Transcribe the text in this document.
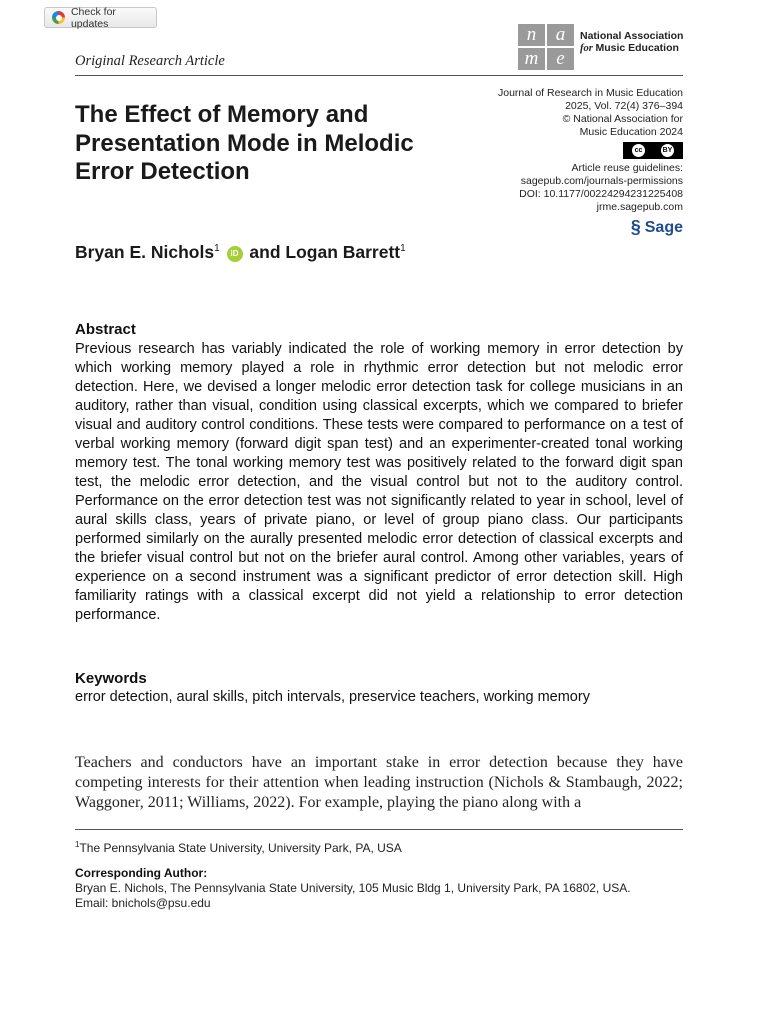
Check for updates
n	a
m e
National Association
for Music Education
Original Research Article
The Effect of Memory and Presentation Mode in Melodic Error Detection
Journal of Research in Music Education
2025, Vol. 72(4) 376–394
© National Association for Music Education 2024
cc	BY
Article reuse guidelines:
sagepub.com/journals-permissions
DOI: 10.1177/00224294231225408
jrme.sagepub.com
§ Sage
Bryan E. Nichols$^1$ iD and Logan Barrett$^1$
Abstract

Previous research has variably indicated the role of working memory in error detection by which working memory played a role in rhythmic error detection but not melodic error detection. Here, we devised a longer melodic error detection task for college musicians in an auditory, rather than visual, condition using classical excerpts, which we compared to briefer visual and auditory control conditions. These tests were compared to performance on a test of verbal working memory (forward digit span test) and an experimenter-created tonal working memory test. The tonal working memory test was positively related to the forward digit span test, the melodic error detection, and the visual control but not to the auditory control. Performance on the error detection test was not significantly related to year in school, level of aural skills class, years of private piano, or level of group piano class. Our participants performed similarly on the aurally presented melodic error detection of classical excerpts and the briefer visual control but not on the briefer aural control. Among other variables, years of experience on a second instrument was a significant predictor of error detection skill. High familiarity ratings with a classical excerpt did not yield a relationship to error detection performance.

Keywords
error detection, aural skills, pitch intervals, preservice teachers, working memory

Teachers and conductors have an important stake in error detection because they have competing interests for their attention when leading instruction (Nichols & Stambaugh, 2022; Waggoner, 2011; Williams, 2022). For example, playing the piano along with a

$^1$The Pennsylvania State University, University Park, PA, USA
Corresponding Author:
Bryan E. Nichols, The Pennsylvania State University, 105 Music Bldg 1, University Park, PA 16802, USA.
Email: bnichols@psu.edu
